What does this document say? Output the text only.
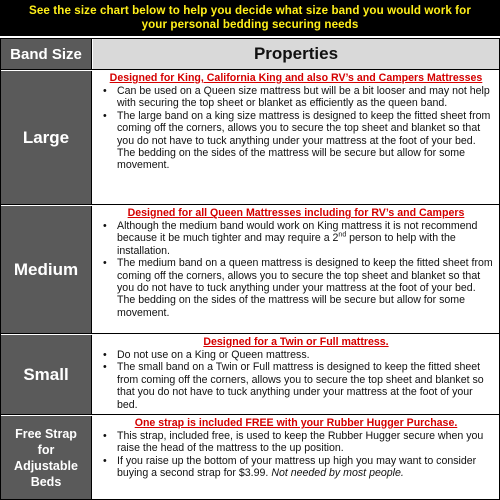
See the size chart below to help you decide what size band you would work for
your personal bedding securing needs
Band Size	Properties
Large
Designed for King, California King and also RV’s and Campers Mattresses
• Can be used on a Queen size mattress but will be a bit looser and may not help with securing the top sheet or blanket as efficiently as the queen band.
• The large band on a king size mattress is designed to keep the fitted sheet from coming off the corners, allows you to secure the top sheet and blanket so that you do not have to tuck anything under your mattress at the foot of your bed. The bedding on the sides of the mattress will be secure but allow for some movement.
Medium
Designed for all Queen Mattresses including for RV’s and Campers
• Although the medium band would work on King mattress it is not recommend because it be much tighter and may require a 2nd person to help with the installation.
• The medium band on a queen mattress is designed to keep the fitted sheet from coming off the corners, allows you to secure the top sheet and blanket so that you do not have to tuck anything under your mattress at the foot of your bed. The bedding on the sides of the mattress will be secure but allow for some movement.
Small
Designed for a Twin or Full mattress.
• Do not use on a King or Queen mattress.
• The small band on a Twin or Full mattress is designed to keep the fitted sheet from coming off the corners, allows you to secure the top sheet and blanket so that you do not have to tuck anything under your mattress at the foot of your bed.
Free Strap
for
Adjustable
Beds
One strap is included FREE with your Rubber Hugger Purchase.
• This strap, included free, is used to keep the Rubber Hugger secure when you raise the head of the mattress to the up position.
• If you raise up the bottom of your mattress up high you may want to consider buying a second strap for $3.99. Not needed by most people.
